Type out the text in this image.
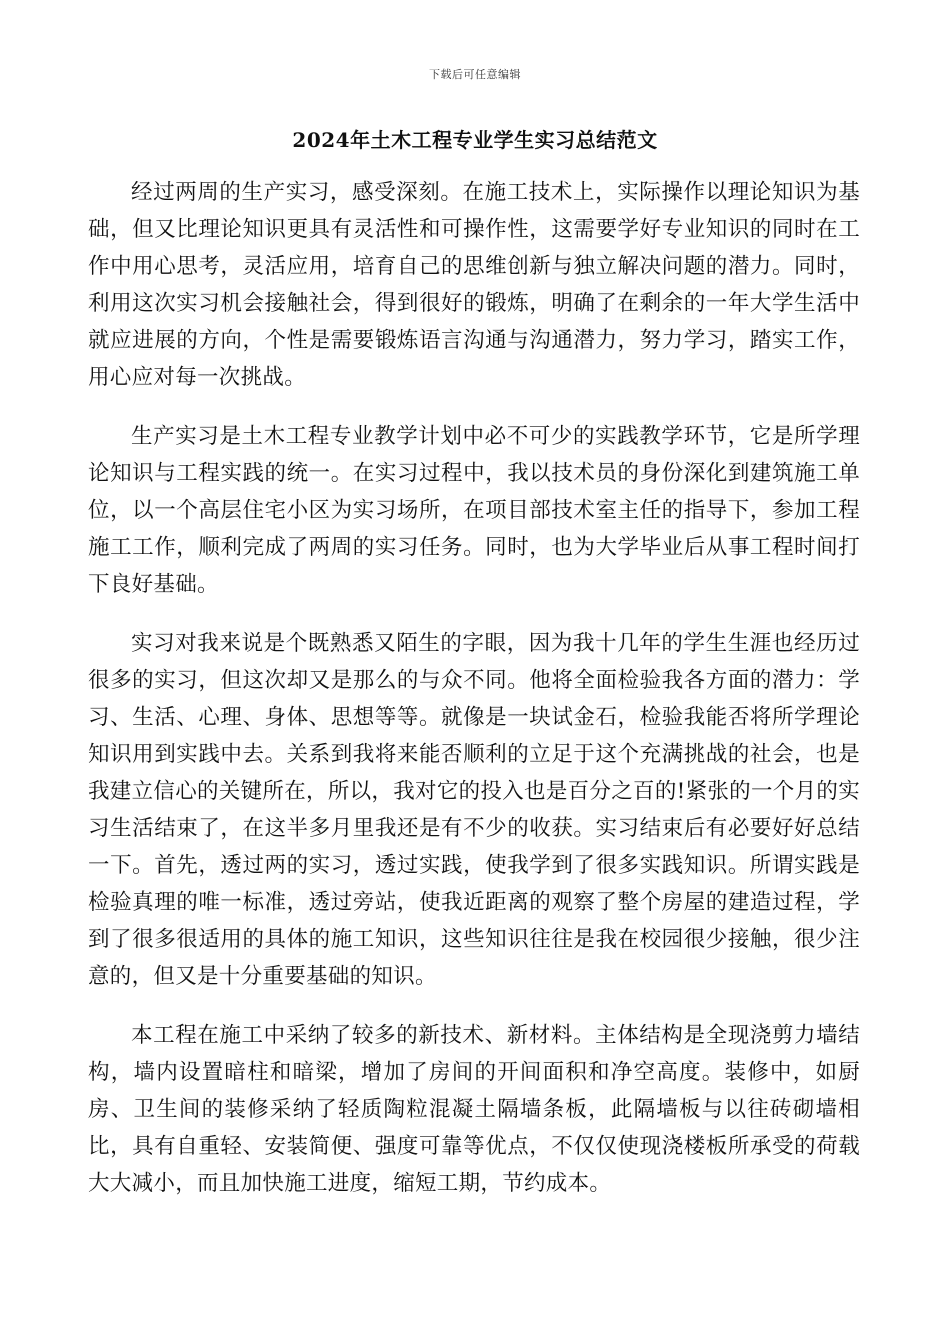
下载后可任意编辑
2024年土木工程专业学生实习总结范文

经过两周的生产实习，感受深刻。在施工技术上，实际操作以理论知识为基础，但又比理论知识更具有灵活性和可操作性，这需要学好专业知识的同时在工作中用心思考，灵活应用，培育自己的思维创新与独立解决问题的潜力。同时，利用这次实习机会接触社会，得到很好的锻炼，明确了在剩余的一年大学生活中就应进展的方向，个性是需要锻炼语言沟通与沟通潜力，努力学习，踏实工作，用心应对每一次挑战。

生产实习是土木工程专业教学计划中必不可少的实践教学环节，它是所学理论知识与工程实践的统一。在实习过程中，我以技术员的身份深化到建筑施工单位，以一个高层住宅小区为实习场所，在项目部技术室主任的指导下，参加工程施工工作，顺利完成了两周的实习任务。同时，也为大学毕业后从事工程时间打下良好基础。

实习对我来说是个既熟悉又陌生的字眼，因为我十几年的学生生涯也经历过很多的实习，但这次却又是那么的与众不同。他将全面检验我各方面的潜力：学习、生活、心理、身体、思想等等。就像是一块试金石，检验我能否将所学理论知识用到实践中去。关系到我将来能否顺利的立足于这个充满挑战的社会，也是我建立信心的关键所在，所以，我对它的投入也是百分之百的!紧张的一个月的实习生活结束了，在这半多月里我还是有不少的收获。实习结束后有必要好好总结一下。首先，透过两的实习，透过实践，使我学到了很多实践知识。所谓实践是检验真理的唯一标准，透过旁站，使我近距离的观察了整个房屋的建造过程，学到了很多很适用的具体的施工知识，这些知识往往是我在校园很少接触，很少注意的，但又是十分重要基础的知识。

本工程在施工中采纳了较多的新技术、新材料。主体结构是全现浇剪力墙结构，墙内设置暗柱和暗梁，增加了房间的开间面积和净空高度。装修中，如厨房、卫生间的装修采纳了轻质陶粒混凝土隔墙条板，此隔墙板与以往砖砌墙相比，具有自重轻、安装简便、强度可靠等优点，不仅仅使现浇楼板所承受的荷载大大减小，而且加快施工进度，缩短工期，节约成本。
